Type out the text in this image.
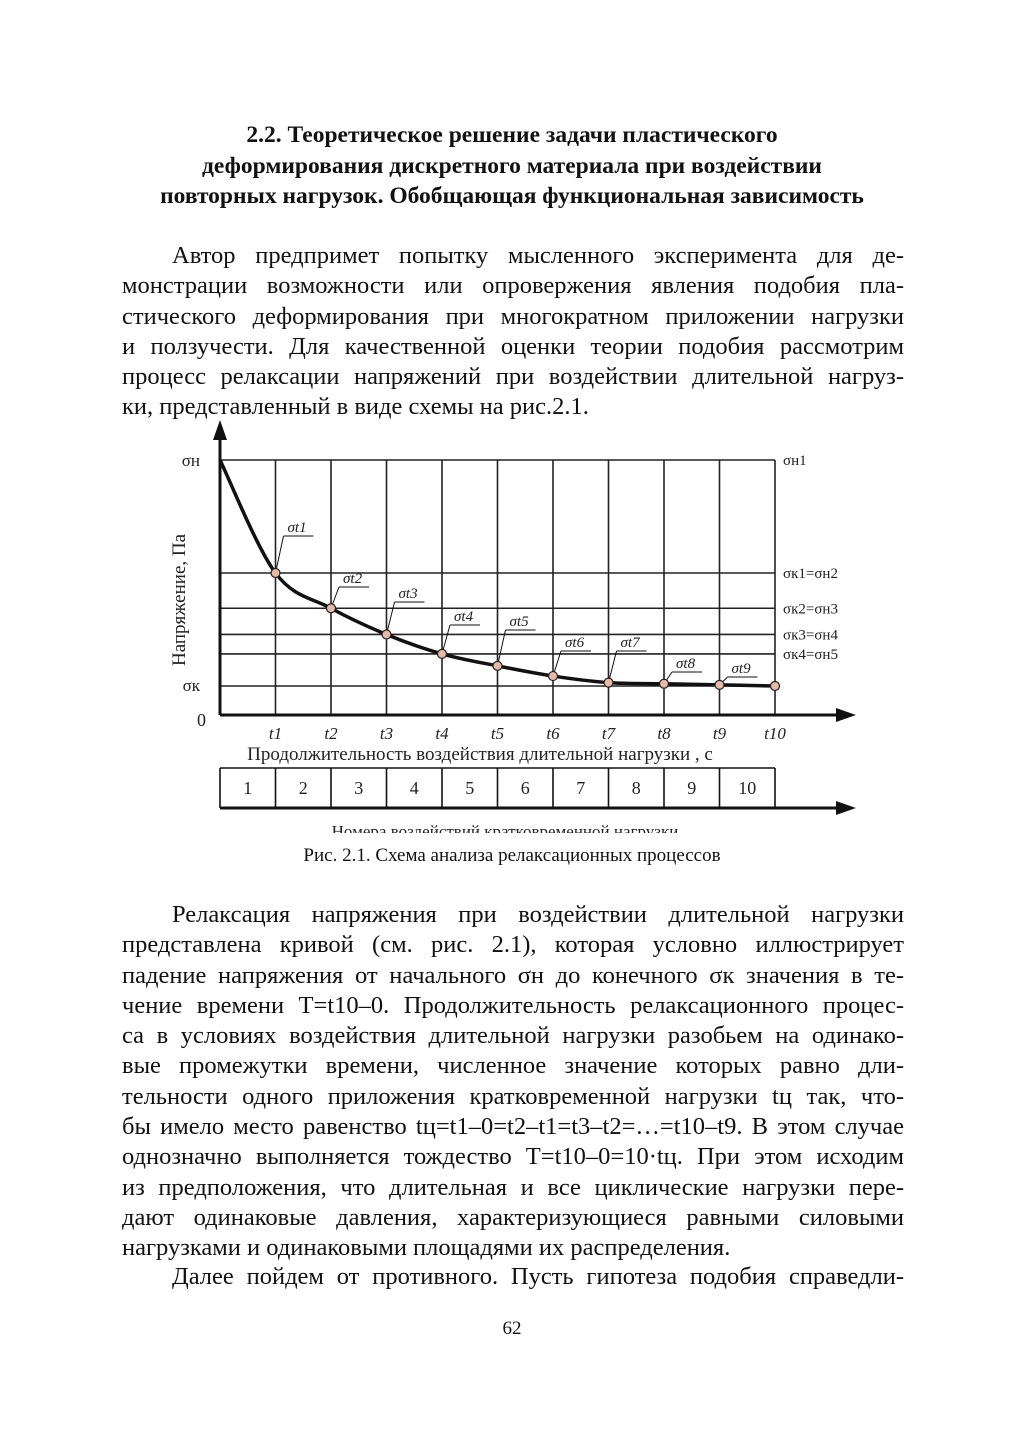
2.2. Теоретическое решение задачи пластического
деформирования дискретного материала при воздействии
повторных нагрузок. Обобщающая функциональная зависимость
Автор предпримет попытку мысленного эксперимента для де-
монстрации возможности или опровержения явления подобия пла-
стического деформирования при многократном приложении нагрузки
и ползучести. Для качественной оценки теории подобия рассмотрим
процесс релаксации напряжений при воздействии длительной нагруз-
ки, представленный в виде схемы на рис.2.1.
1	2	3	4	5	6	7	8	9 10
σt1
σt2
σt3
σt4 σt5
σt6 σt7
σt8 σt9
σн
σк
0
Напряжение, Па
σн1
σк1=σн2
σк2=σн3
σк3=σн4
σк4=σн5
t1 t2 t3 t4 t5 t6 t7 t8 t9 t10
Продолжительность воздействия длительной нагрузки , с
Номера воздействий кратковременной нагрузки
Рис. 2.1. Схема анализа релаксационных процессов
Релаксация напряжения при воздействии длительной нагрузки
представлена кривой (см. рис. 2.1), которая условно иллюстрирует
падение напряжения от начального σн до конечного σк значения в те-
чение времени T=t10–0. Продолжительность релаксационного процес-
са в условиях воздействия длительной нагрузки разобьем на одинако-
вые промежутки времени, численное значение которых равно дли-
тельности одного приложения кратковременной нагрузки tц так, что-
бы имело место равенство tц=t1–0=t2–t1=t3–t2=…=t10–t9. В этом случае
однозначно выполняется тождество T=t10–0=10·tц. При этом исходим
из предположения, что длительная и все циклические нагрузки пере-
дают одинаковые давления, характеризующиеся равными силовыми
нагрузками и одинаковыми площадями их распределения.
Далее пойдем от противного. Пусть гипотеза подобия справедли-
62
